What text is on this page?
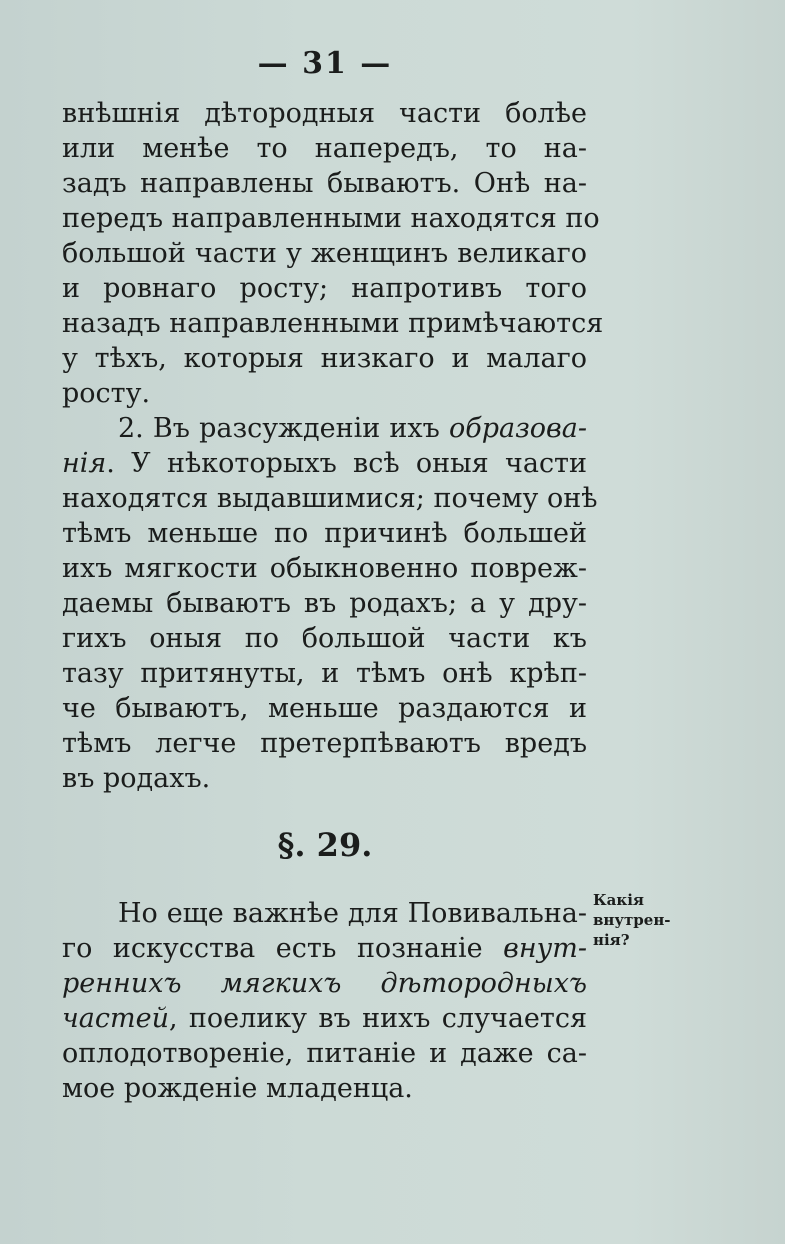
— 31 —
внѣшнія дѣтородныя части болѣе
или менѣе то напередъ, то на-
задъ направлены бываютъ. Онѣ на-
передъ направленными находятся по
большой части у женщинъ великаго
и ровнаго росту; напротивъ того
назадъ направленными примѣчаются
у тѣхъ, которыя низкаго и малаго
росту.
2. Въ разсужденіи ихъ образова-
нія. У нѣкоторыхъ всѣ оныя части
находятся выдавшимися; почему онѣ
тѣмъ меньше по причинѣ большей
ихъ мягкости обыкновенно повреж-
даемы бываютъ въ родахъ; а у дру-
гихъ оныя по большой части къ
тазу притянуты, и тѣмъ онѣ крѣп-
че бываютъ, меньше раздаются и
тѣмъ легче претерпѣваютъ вредъ
въ родахъ.
§. 29.
Но еще важнѣе для Повивальна-
го искусства есть познаніе внут-
реннихъ мягкихъ дѣтородныхъ
частей, поелику въ нихъ случается
оплодотвореніе, питаніе и даже са-
мое рожденіе младенца.
Какія
внутрен-
нія?
